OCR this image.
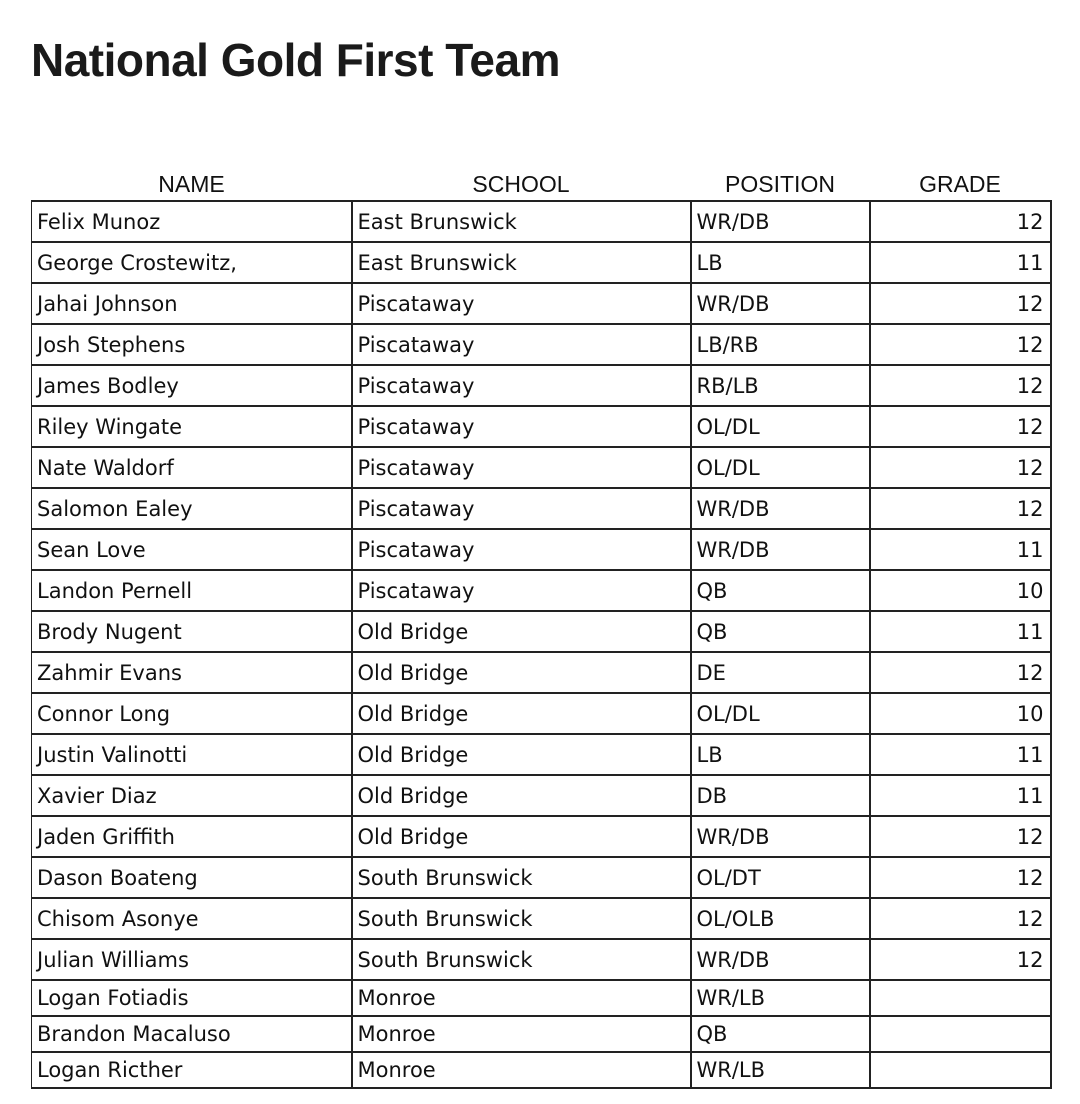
National Gold First Team
NAME	SCHOOL	POSITION	GRADE
Felix Munoz	East Brunswick	WR/DB	12
George Crostewitz,	East Brunswick	LB	11
Jahai Johnson	Piscataway	WR/DB	12
Josh Stephens	Piscataway	LB/RB	12
James Bodley	Piscataway	RB/LB	12
Riley Wingate	Piscataway	OL/DL	12
Nate Waldorf	Piscataway	OL/DL	12
Salomon Ealey	Piscataway	WR/DB	12
Sean Love	Piscataway	WR/DB	11
Landon Pernell	Piscataway	QB	10
Brody Nugent	Old Bridge	QB	11
Zahmir Evans	Old Bridge	DE	12
Connor Long	Old Bridge	OL/DL	10
Justin Valinotti	Old Bridge	LB	11
Xavier Diaz	Old Bridge	DB	11
Jaden Griffith	Old Bridge	WR/DB	12
Dason Boateng	South Brunswick	OL/DT	12
Chisom Asonye	South Brunswick	OL/OLB	12
Julian Williams	South Brunswick	WR/DB	12
Logan Fotiadis	Monroe	WR/LB	
Brandon Macaluso	Monroe	QB	
Logan Ricther	Monroe	WR/LB	
